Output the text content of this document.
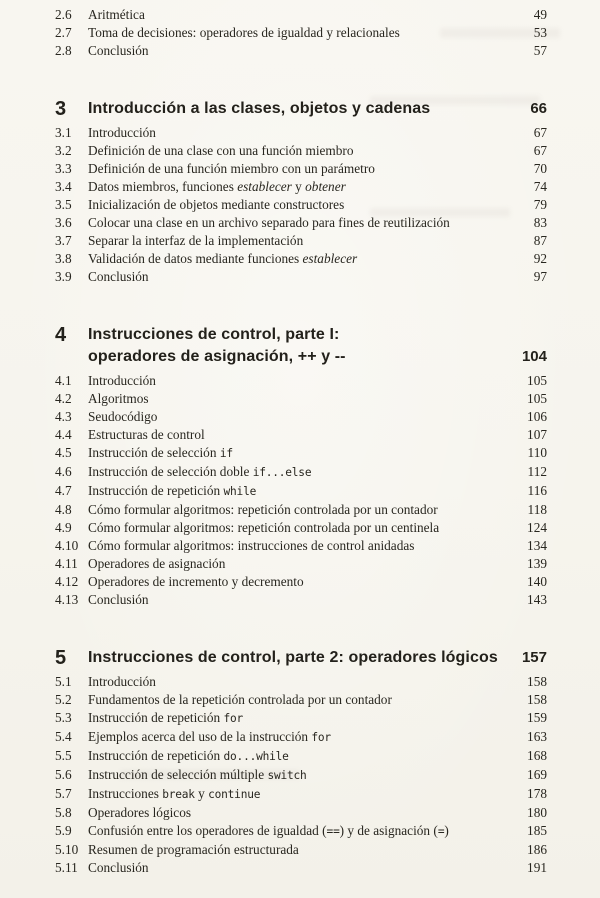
2.6	Aritmética	49
2.7	Toma de decisiones: operadores de igualdad y relacionales	53
2.8	Conclusión	57
3	Introducción a las clases, objetos y cadenas	66
3.1	Introducción	67
3.2	Definición de una clase con una función miembro	67
3.3	Definición de una función miembro con un parámetro	70
3.4	Datos miembros, funciones establecer y obtener	74
3.5	Inicialización de objetos mediante constructores	79
3.6	Colocar una clase en un archivo separado para fines de reutilización	83
3.7	Separar la interfaz de la implementación	87
3.8	Validación de datos mediante funciones establecer	92
3.9	Conclusión	97
4	Instrucciones de control, parte I:
operadores de asignación, ++ y --	104
4.1	Introducción	105
4.2	Algoritmos	105
4.3	Seudocódigo	106
4.4	Estructuras de control	107
4.5	Instrucción de selección if	110
4.6	Instrucción de selección doble if...else	112
4.7	Instrucción de repetición while	116
4.8	Cómo formular algoritmos: repetición controlada por un contador	118
4.9	Cómo formular algoritmos: repetición controlada por un centinela	124
4.10 Cómo formular algoritmos: instrucciones de control anidadas	134
4.11 Operadores de asignación	139
4.12 Operadores de incremento y decremento	140
4.13 Conclusión	143
5	Instrucciones de control, parte 2: operadores lógicos	157
5.1	Introducción	158
5.2	Fundamentos de la repetición controlada por un contador	158
5.3	Instrucción de repetición for	159
5.4	Ejemplos acerca del uso de la instrucción for	163
5.5	Instrucción de repetición do...while	168
5.6	Instrucción de selección múltiple switch	169
5.7	Instrucciones break y continue	178
5.8	Operadores lógicos	180
5.9	Confusión entre los operadores de igualdad (==) y de asignación (=)	185
5.10 Resumen de programación estructurada	186
5.11 Conclusión	191
